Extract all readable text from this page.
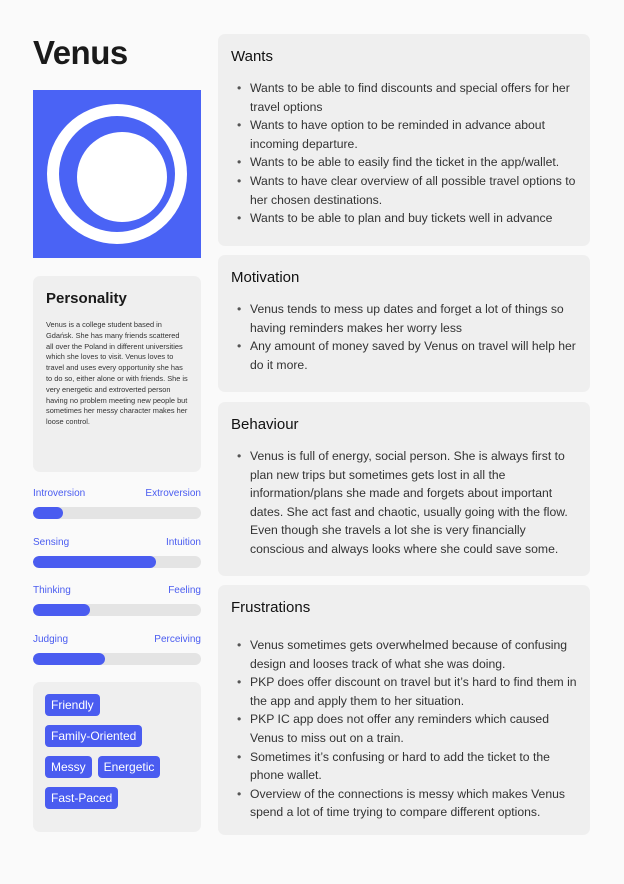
Venus
Personality

Venus is a college student based in Gdańsk. She has many friends scattered all over the Poland in different universities which she loves to visit. Venus loves to travel and uses every opportunity she has to do so, either alone or with friends. She is very energetic and extroverted person having no problem meeting new people but sometimes her messy character makes her loose control.

Introversion	Extroversion
Sensing	Intuition
Thinking	Feeling
Judging	Perceiving
Friendly
Family-Oriented
Messy	Energetic
Fast-Paced
Wants
• Wants to be able to find discounts and special offers for her travel options
• Wants to have option to be reminded in advance about incoming departure.
• Wants to be able to easily find the ticket in the app/wallet.
• Wants to have clear overview of all possible travel options to her chosen destinations.
• Wants to be able to plan and buy tickets well in advance
Motivation
• Venus tends to mess up dates and forget a lot of things so having reminders makes her worry less
• Any amount of money saved by Venus on travel will help her do it more.
Behaviour
• Venus is full of energy, social person. She is always first to plan new trips but sometimes gets lost in all the information/plans she made and forgets about important dates. She act fast and chaotic, usually going with the flow. Even though she travels a lot she is very financially conscious and always looks where she could save some.
Frustrations
• Venus sometimes gets overwhelmed because of confusing design and looses track of what she was doing.
• PKP does offer discount on travel but it’s hard to find them in the app and apply them to her situation.
• PKP IC app does not offer any reminders which caused Venus to miss out on a train.
• Sometimes it’s confusing or hard to add the ticket to the phone wallet.
• Overview of the connections is messy which makes Venus spend a lot of time trying to compare different options.
